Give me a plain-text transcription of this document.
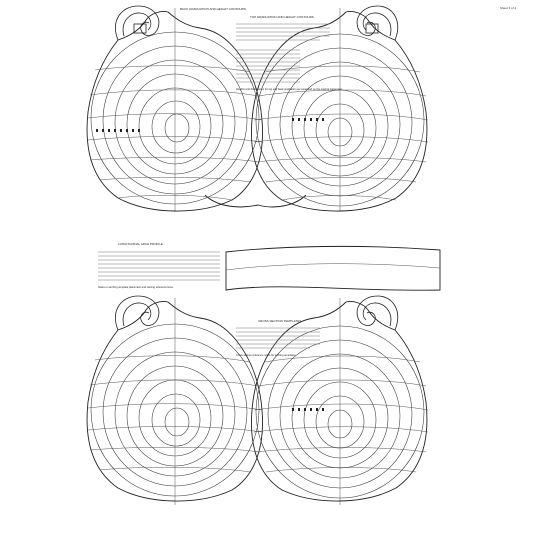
Sheet 3 of 4
BACK GRADUATION AND HEIGHT CONTOURS
TOP GRADUATION AND HEIGHT CONTOURS
Heights and thicknesses for top and back graduation as measured on the original instrument.
LONGITUDINAL ARCH PROFILE
Notes on arching template placement and carving reference lines.
CROSS SECTION TEMPLATES
Cross section reference notes for arching templates.
